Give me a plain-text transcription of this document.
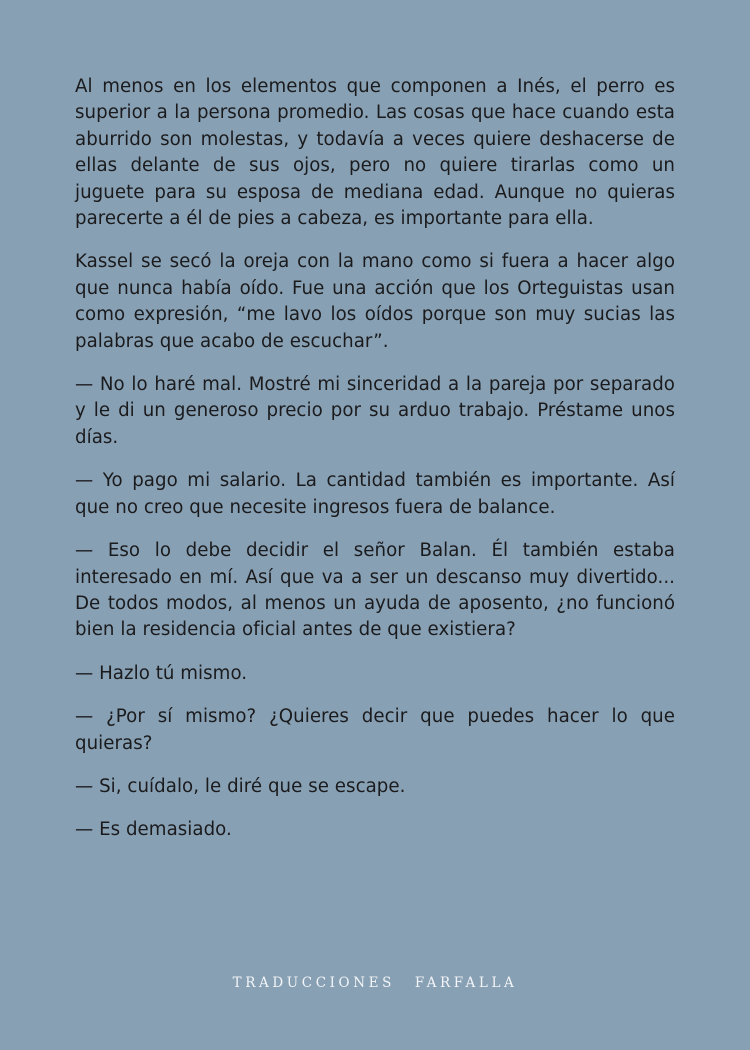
Al menos en los elementos que componen a Inés, el perro es superior a la persona promedio. Las cosas que hace cuando esta aburrido son molestas, y todavía a veces quiere deshacerse de ellas delante de sus ojos, pero no quiere tirarlas como un juguete para su esposa de mediana edad. Aunque no quieras parecerte a él de pies a cabeza, es importante para ella.

Kassel se secó la oreja con la mano como si fuera a hacer algo que nunca había oído. Fue una acción que los Orteguistas usan como expresión, “me lavo los oídos porque son muy sucias las palabras que acabo de escuchar”.

— No lo haré mal. Mostré mi sinceridad a la pareja por separado y le di un generoso precio por su arduo trabajo. Préstame unos días.

— Yo pago mi salario. La cantidad también es importante. Así que no creo que necesite ingresos fuera de balance.

— Eso lo debe decidir el señor Balan. Él también estaba interesado en mí. Así que va a ser un descanso muy divertido... De todos modos, al menos un ayuda de aposento, ¿no funcionó bien la residencia oficial antes de que existiera?

— Hazlo tú mismo.

— ¿Por sí mismo? ¿Quieres decir que puedes hacer lo que quieras?

— Si, cuídalo, le diré que se escape.

— Es demasiado.

TRADUCCIONES FARFALLA
